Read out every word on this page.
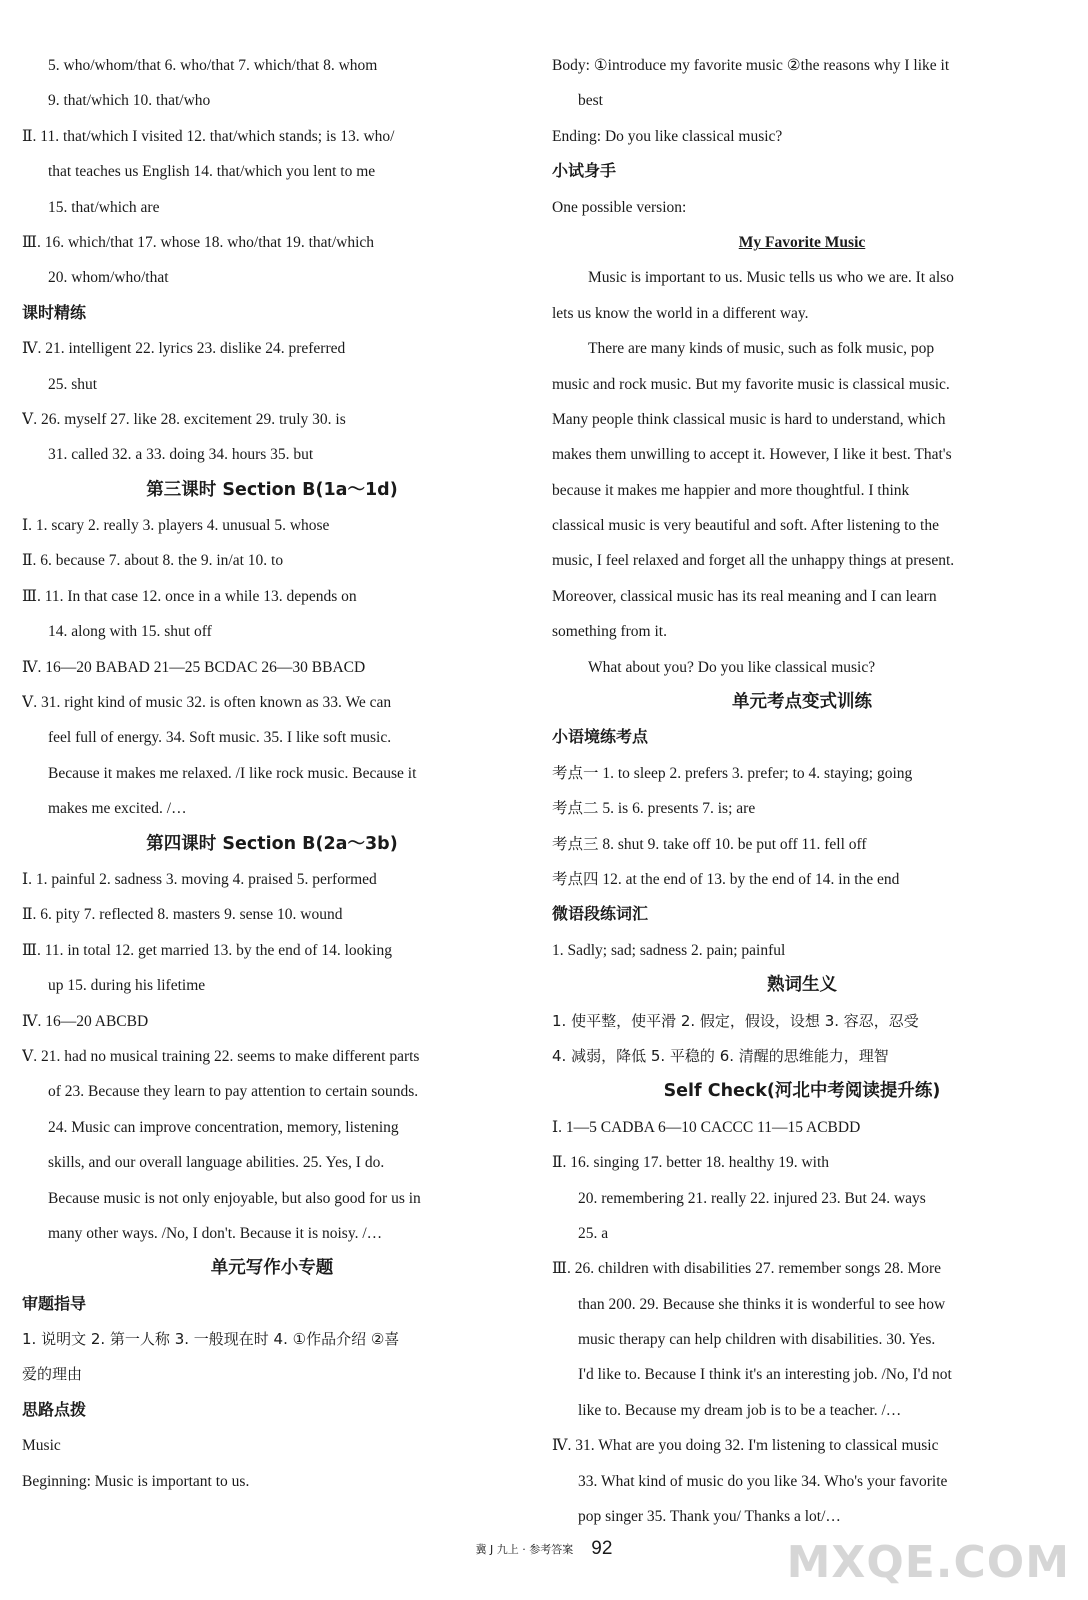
5. who/whom/that 6. who/that 7. which/that 8. whom
9. that/which 10. that/who
Ⅱ. 11. that/which I visited 12. that/which stands; is 13. who/
that teaches us English 14. that/which you lent to me
15. that/which are
Ⅲ. 16. which/that 17. whose 18. who/that 19. that/which
20. whom/who/that
课时精练
Ⅳ. 21. intelligent 22. lyrics 23. dislike 24. preferred
25. shut
Ⅴ. 26. myself 27. like 28. excitement 29. truly 30. is
31. called 32. a 33. doing 34. hours 35. but
第三课时 Section B(1a～1d)
Ⅰ. 1. scary 2. really 3. players 4. unusual 5. whose
Ⅱ. 6. because 7. about 8. the 9. in/at 10. to
Ⅲ. 11. In that case 12. once in a while 13. depends on
14. along with 15. shut off
Ⅳ. 16—20 BABAD 21—25 BCDAC 26—30 BBACD
Ⅴ. 31. right kind of music 32. is often known as 33. We can
feel full of energy. 34. Soft music. 35. I like soft music.
Because it makes me relaxed. /I like rock music. Because it
makes me excited. /…
第四课时 Section B(2a～3b)
Ⅰ. 1. painful 2. sadness 3. moving 4. praised 5. performed
Ⅱ. 6. pity 7. reflected 8. masters 9. sense 10. wound
Ⅲ. 11. in total 12. get married 13. by the end of 14. looking
up 15. during his lifetime
Ⅳ. 16—20 ABCBD
Ⅴ. 21. had no musical training 22. seems to make different parts
of 23. Because they learn to pay attention to certain sounds.
24. Music can improve concentration, memory, listening
skills, and our overall language abilities. 25. Yes, I do.
Because music is not only enjoyable, but also good for us in
many other ways. /No, I don't. Because it is noisy. /…
单元写作小专题
审题指导
1. 说明文 2. 第一人称 3. 一般现在时 4. ①作品介绍 ②喜
爱的理由
思路点拨
Music
Beginning: Music is important to us.
Body: ①introduce my favorite music ②the reasons why I like it
best
Ending: Do you like classical music?
小试身手
One possible version:
My Favorite Music
Music is important to us. Music tells us who we are. It also
lets us know the world in a different way.
There are many kinds of music, such as folk music, pop
music and rock music. But my favorite music is classical music.
Many people think classical music is hard to understand, which
makes them unwilling to accept it. However, I like it best. That's
because it makes me happier and more thoughtful. I think
classical music is very beautiful and soft. After listening to the
music, I feel relaxed and forget all the unhappy things at present.
Moreover, classical music has its real meaning and I can learn
something from it.
What about you? Do you like classical music?
单元考点变式训练
小语境练考点
考点一 1. to sleep 2. prefers 3. prefer; to 4. staying; going
考点二 5. is 6. presents 7. is; are
考点三 8. shut 9. take off 10. be put off 11. fell off
考点四 12. at the end of 13. by the end of 14. in the end
微语段练词汇
1. Sadly; sad; sadness 2. pain; painful
熟词生义
1. 使平整，使平滑 2. 假定，假设，设想 3. 容忍，忍受
4. 减弱，降低 5. 平稳的 6. 清醒的思维能力，理智
Self Check(河北中考阅读提升练)
Ⅰ. 1—5 CADBA 6—10 CACCC 11—15 ACBDD
Ⅱ. 16. singing 17. better 18. healthy 19. with
20. remembering 21. really 22. injured 23. But 24. ways
25. a
Ⅲ. 26. children with disabilities 27. remember songs 28. More
than 200. 29. Because she thinks it is wonderful to see how
music therapy can help children with disabilities. 30. Yes.
I'd like to. Because I think it's an interesting job. /No, I'd not
like to. Because my dream job is to be a teacher. /…
Ⅳ. 31. What are you doing 32. I'm listening to classical music
33. What kind of music do you like 34. Who's your favorite
pop singer 35. Thank you/ Thanks a lot/…
冀 J 九上 · 参考答案 92	MXQE.COM
